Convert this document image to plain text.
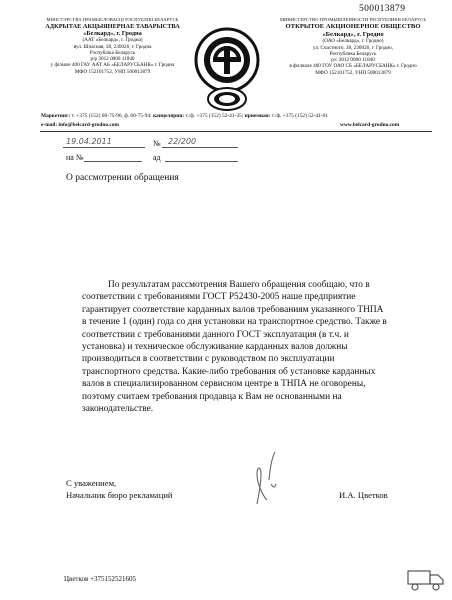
500013879
МІНІСТЭРСТВА ПРАМЫСЛОВАСЦІ РЭСПУБЛІКІ БЕЛАРУСЬ
АДКРЫТАЕ АКЦЫЯНЕРНАЕ ТАВАРЫСТВА
«Белкард», г. Гродна
(ААТ «Белкард», г. Гродна)
вул. Шчасная, 38, 230026, г. Гродна
Рэспубліка Беларусь
р/р 3012 0000 11840
у філіяле 400 ГАУ ААТ АБ «БЕЛАРУСБАНК» г. Гродна
МФО 152101752, УНП 500013879
МИНИСТЕРСТВО ПРОМЫШЛЕННОСТИ РЕСПУБЛИКИ БЕЛАРУСЬ
ОТКРЫТОЕ АКЦИОНЕРНОЕ ОБЩЕСТВО
«Белкард», г. Гродно
(ОАО «Белкард», г. Гродно)
ул. Счастного, 38, 230026, г. Гродно,
Республика Беларусь
р/с 3012 0000 11840
в филиале 400 ГОУ ОАО СБ «БЕЛАРУСБАНК» г. Гродно
МФО 152101752, УНП 500013879
Маркетинг: т. +375 (152) 60-75-96, ф. 60-75-94; канцелярия: т./ф. +375 (152) 52-41-35; приемная: т./ф. +375 (152) 52-41-01
e-mail: info@belcard-grodno.com	www.belcard-grodno.com
19.04.2011	№ 22/200
на №	ад
О рассмотрении обращения
По результатам рассмотрения Вашего обращения сообщаю, что в
соответствии с требованиями ГОСТ Р52430-2005 наше предприятие
гарантирует соответствие карданных валов требованиям указанного ТНПА
в течение 1 (один) года со дня установки на транспортное средство. Также в
соответствии с требованиями данного ГОСТ эксплуатация (в т.ч. и
установка) и техническое обслуживание карданных валов должны
производиться в соответствии с руководством по эксплуатации
транспортного средства. Какие-либо требования об установке карданных
валов в специализированном сервисном центре в ТНПА не оговорены,
поэтому считаем требования продавца к Вам не основанными на
законодательстве.
С уважением,
Начальник бюро рекламаций	И.А. Цветков
Цветков +375152521605
